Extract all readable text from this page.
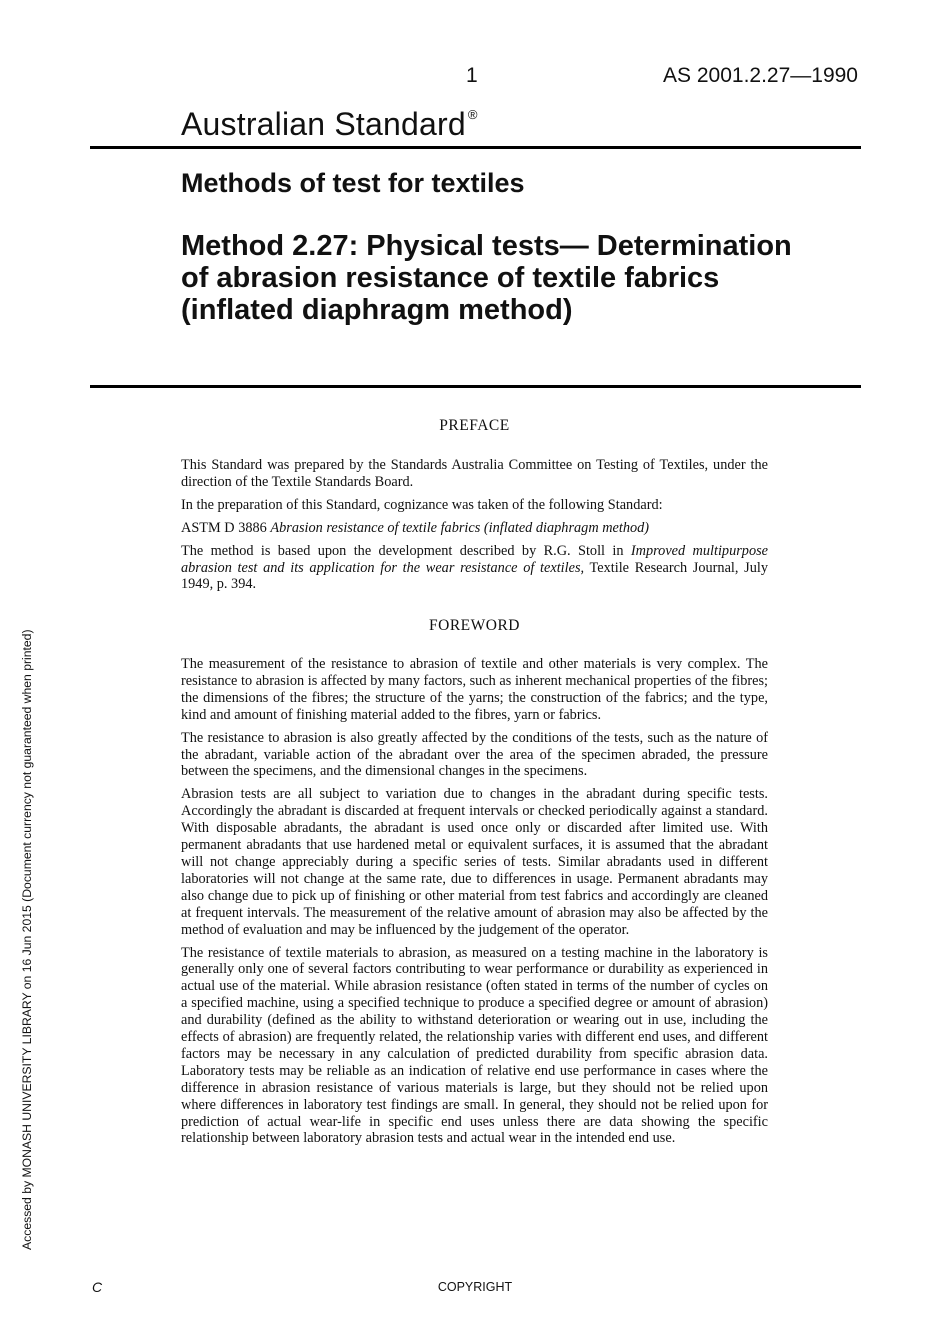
1	AS 2001.2.27—1990
Australian Standard ®
Methods of test for textiles
Method 2.27: Physical tests— Determination of abrasion resistance of textile fabrics (inflated diaphragm method)
PREFACE

This Standard was prepared by the Standards Australia Committee on Testing of Textiles, under the direction of the Textile Standards Board.

In the preparation of this Standard, cognizance was taken of the following Standard:

ASTM D 3886 Abrasion resistance of textile fabrics (inflated diaphragm method)

The method is based upon the development described by R.G. Stoll in Improved multipurpose abrasion test and its application for the wear resistance of textiles, Textile Research Journal, July 1949, p. 394.

FOREWORD

The measurement of the resistance to abrasion of textile and other materials is very complex. The resistance to abrasion is affected by many factors, such as inherent mechanical properties of the fibres; the dimensions of the fibres; the structure of the yarns; the construction of the fabrics; and the type, kind and amount of finishing material added to the fibres, yarn or fabrics.

The resistance to abrasion is also greatly affected by the conditions of the tests, such as the nature of the abradant, variable action of the abradant over the area of the specimen abraded, the pressure between the specimens, and the dimensional changes in the specimens.

Abrasion tests are all subject to variation due to changes in the abradant during specific tests. Accordingly the abradant is discarded at frequent intervals or checked periodically against a standard. With disposable abradants, the abradant is used once only or discarded after limited use. With permanent abradants that use hardened metal or equivalent surfaces, it is assumed that the abradant will not change appreciably during a specific series of tests. Similar abradants used in different laboratories will not change at the same rate, due to differences in usage. Permanent abradants may also change due to pick up of finishing or other material from test fabrics and accordingly are cleaned at frequent intervals. The measurement of the relative amount of abrasion may also be affected by the method of evaluation and may be influenced by the judgement of the operator.

The resistance of textile materials to abrasion, as measured on a testing machine in the laboratory is generally only one of several factors contributing to wear performance or durability as experienced in actual use of the material. While abrasion resistance (often stated in terms of the number of cycles on a specified machine, using a specified technique to produce a specified degree or amount of abrasion) and durability (defined as the ability to withstand deterioration or wearing out in use, including the effects of abrasion) are frequently related, the relationship varies with different end uses, and different factors may be necessary in any calculation of predicted durability from specific abrasion data. Laboratory tests may be reliable as an indication of relative end use performance in cases where the difference in abrasion resistance of various materials is large, but they should not be relied upon where differences in laboratory test findings are small. In general, they should not be relied upon for prediction of actual wear-life in specific end uses unless there are data showing the specific relationship between laboratory abrasion tests and actual wear in the intended end use.

Accessed by MONASH UNIVERSITY LIBRARY on 16 Jun 2015 (Document currency not guaranteed when printed)
C	COPYRIGHT
